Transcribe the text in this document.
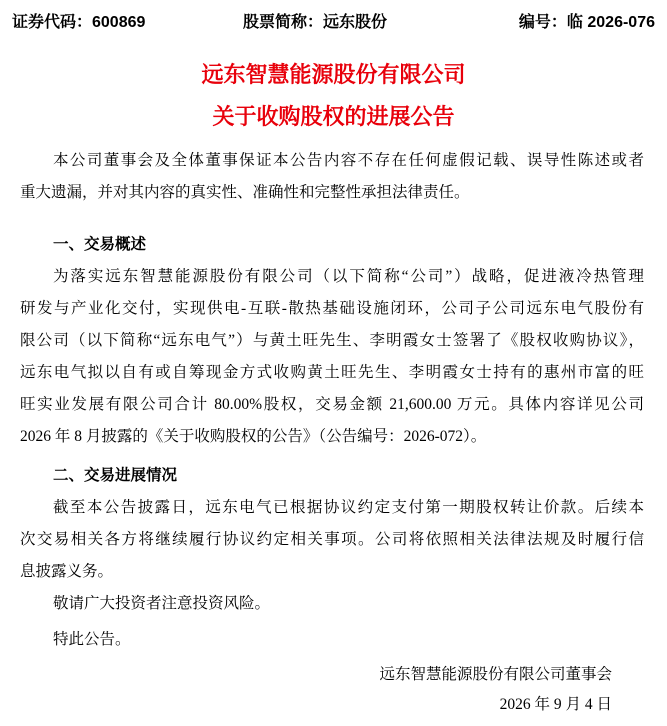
证券代码：600869	股票简称：远东股份	编号：临 2026-076
远东智慧能源股份有限公司
关于收购股权的进展公告
本公司董事会及全体董事保证本公告内容不存在任何虚假记载、误导性陈述或者
重大遗漏，并对其内容的真实性、准确性和完整性承担法律责任。
一、交易概述
为落实远东智慧能源股份有限公司（以下简称“公司”）战略，促进液冷热管理
研发与产业化交付，实现供电-互联-散热基础设施闭环，公司子公司远东电气股份有
限公司（以下简称“远东电气”）与黄土旺先生、李明霞女士签署了《股权收购协议》，
远东电气拟以自有或自筹现金方式收购黄土旺先生、李明霞女士持有的惠州市富的旺
旺实业发展有限公司合计 80.00%股权，交易金额 21,600.00 万元。具体内容详见公司
2026 年 8 月披露的《关于收购股权的公告》（公告编号：2026-072）。
二、交易进展情况
截至本公告披露日，远东电气已根据协议约定支付第一期股权转让价款。后续本
次交易相关各方将继续履行协议约定相关事项。公司将依照相关法律法规及时履行信
息披露义务。
敬请广大投资者注意投资风险。
特此公告。
远东智慧能源股份有限公司董事会
2026 年 9 月 4 日
